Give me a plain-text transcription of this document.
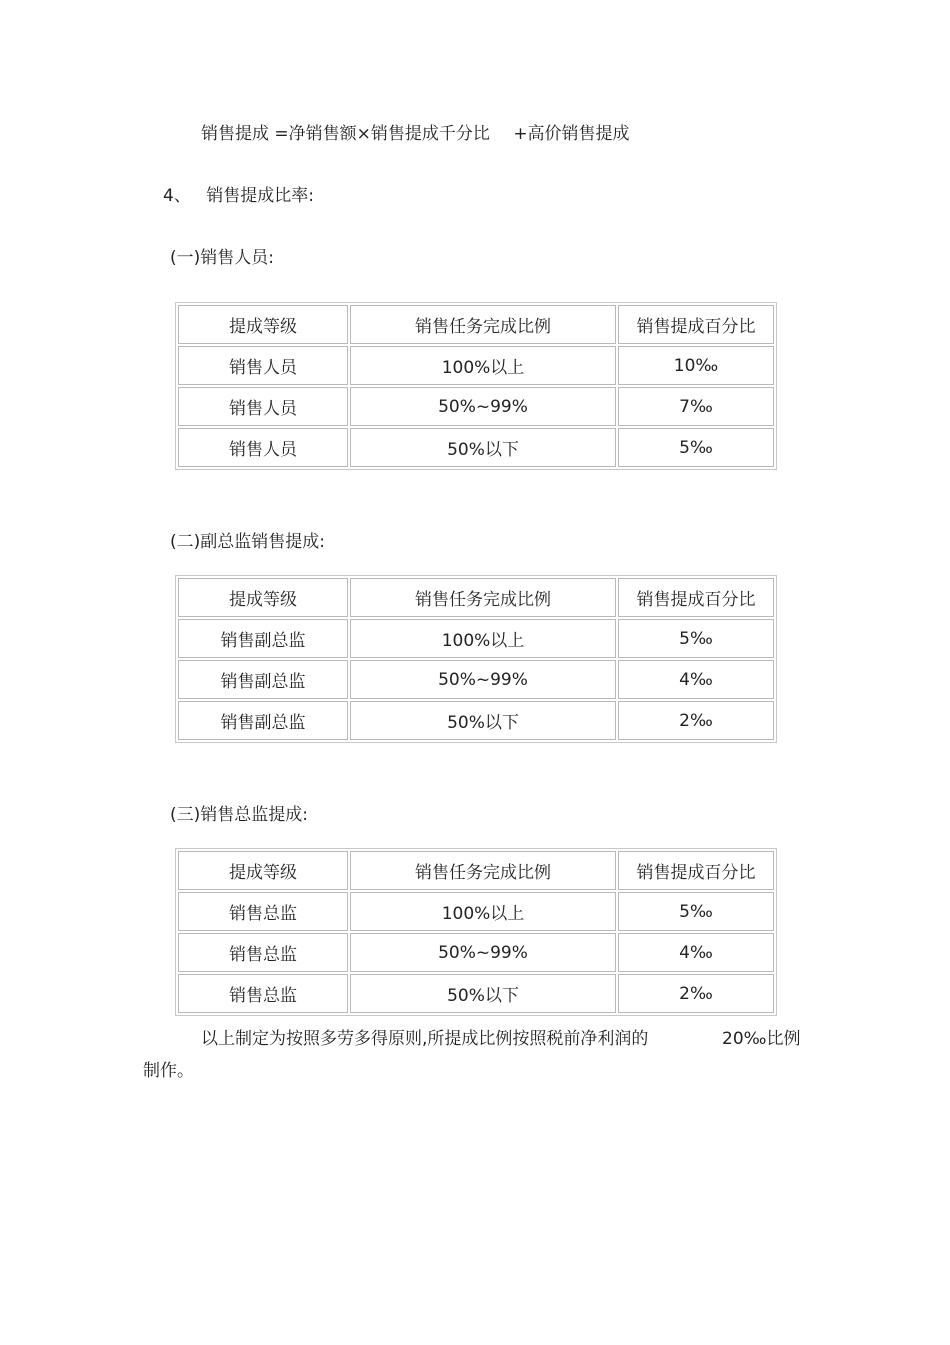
销售提成 =净销售额×销售提成千分比 +高价销售提成
4、 销售提成比率:
(一)销售人员:
提成等级	销售任务完成比例	销售提成百分比
销售人员	100%以上	10‰
销售人员	50%~99%	7‰
销售人员	50%以下	5‰
(二)副总监销售提成:
提成等级	销售任务完成比例	销售提成百分比
销售副总监	100%以上	5‰
销售副总监	50%~99%	4‰
销售副总监	50%以下	2‰
(三)销售总监提成:
提成等级	销售任务完成比例	销售提成百分比
销售总监	100%以上	5‰
销售总监	50%~99%	4‰
销售总监	50%以下	2‰
以上制定为按照多劳多得原则,所提成比例按照税前净利润的	20‰比例
制作。
